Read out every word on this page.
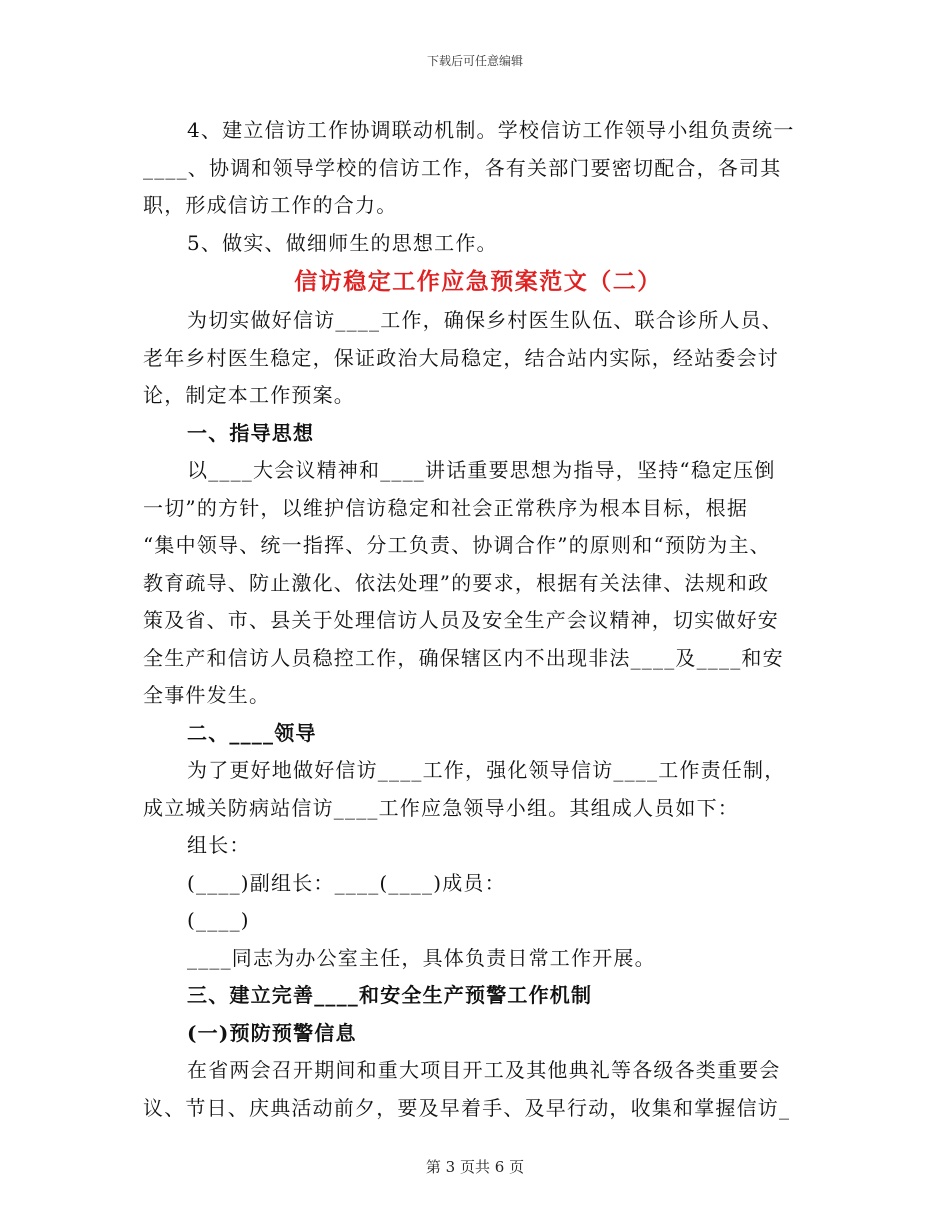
下载后可任意编辑

4、建立信访工作协调联动机制。学校信访工作领导小组负责统一
____、协调和领导学校的信访工作，各有关部门要密切配合，各司其
职，形成信访工作的合力。

5、做实、做细师生的思想工作。

信访稳定工作应急预案范文（二）

为切实做好信访____工作，确保乡村医生队伍、联合诊所人员、
老年乡村医生稳定，保证政治大局稳定，结合站内实际，经站委会讨
论，制定本工作预案。

一、指导思想

以____大会议精神和____讲话重要思想为指导，坚持“稳定压倒
一切”的方针，以维护信访稳定和社会正常秩序为根本目标，根据
“集中领导、统一指挥、分工负责、协调合作”的原则和“预防为主、
教育疏导、防止激化、依法处理”的要求，根据有关法律、法规和政
策及省、市、县关于处理信访人员及安全生产会议精神，切实做好安
全生产和信访人员稳控工作，确保辖区内不出现非法____及____和安
全事件发生。

二、____领导

为了更好地做好信访____工作，强化领导信访____工作责任制，
成立城关防病站信访____工作应急领导小组。其组成人员如下：

组长：

(____)副组长：____(____)成员：

(____)

____同志为办公室主任，具体负责日常工作开展。

三、建立完善____和安全生产预警工作机制

(一)预防预警信息

在省两会召开期间和重大项目开工及其他典礼等各级各类重要会
议、节日、庆典活动前夕，要及早着手、及早行动，收集和掌握信访_

第 3 页共 6 页
